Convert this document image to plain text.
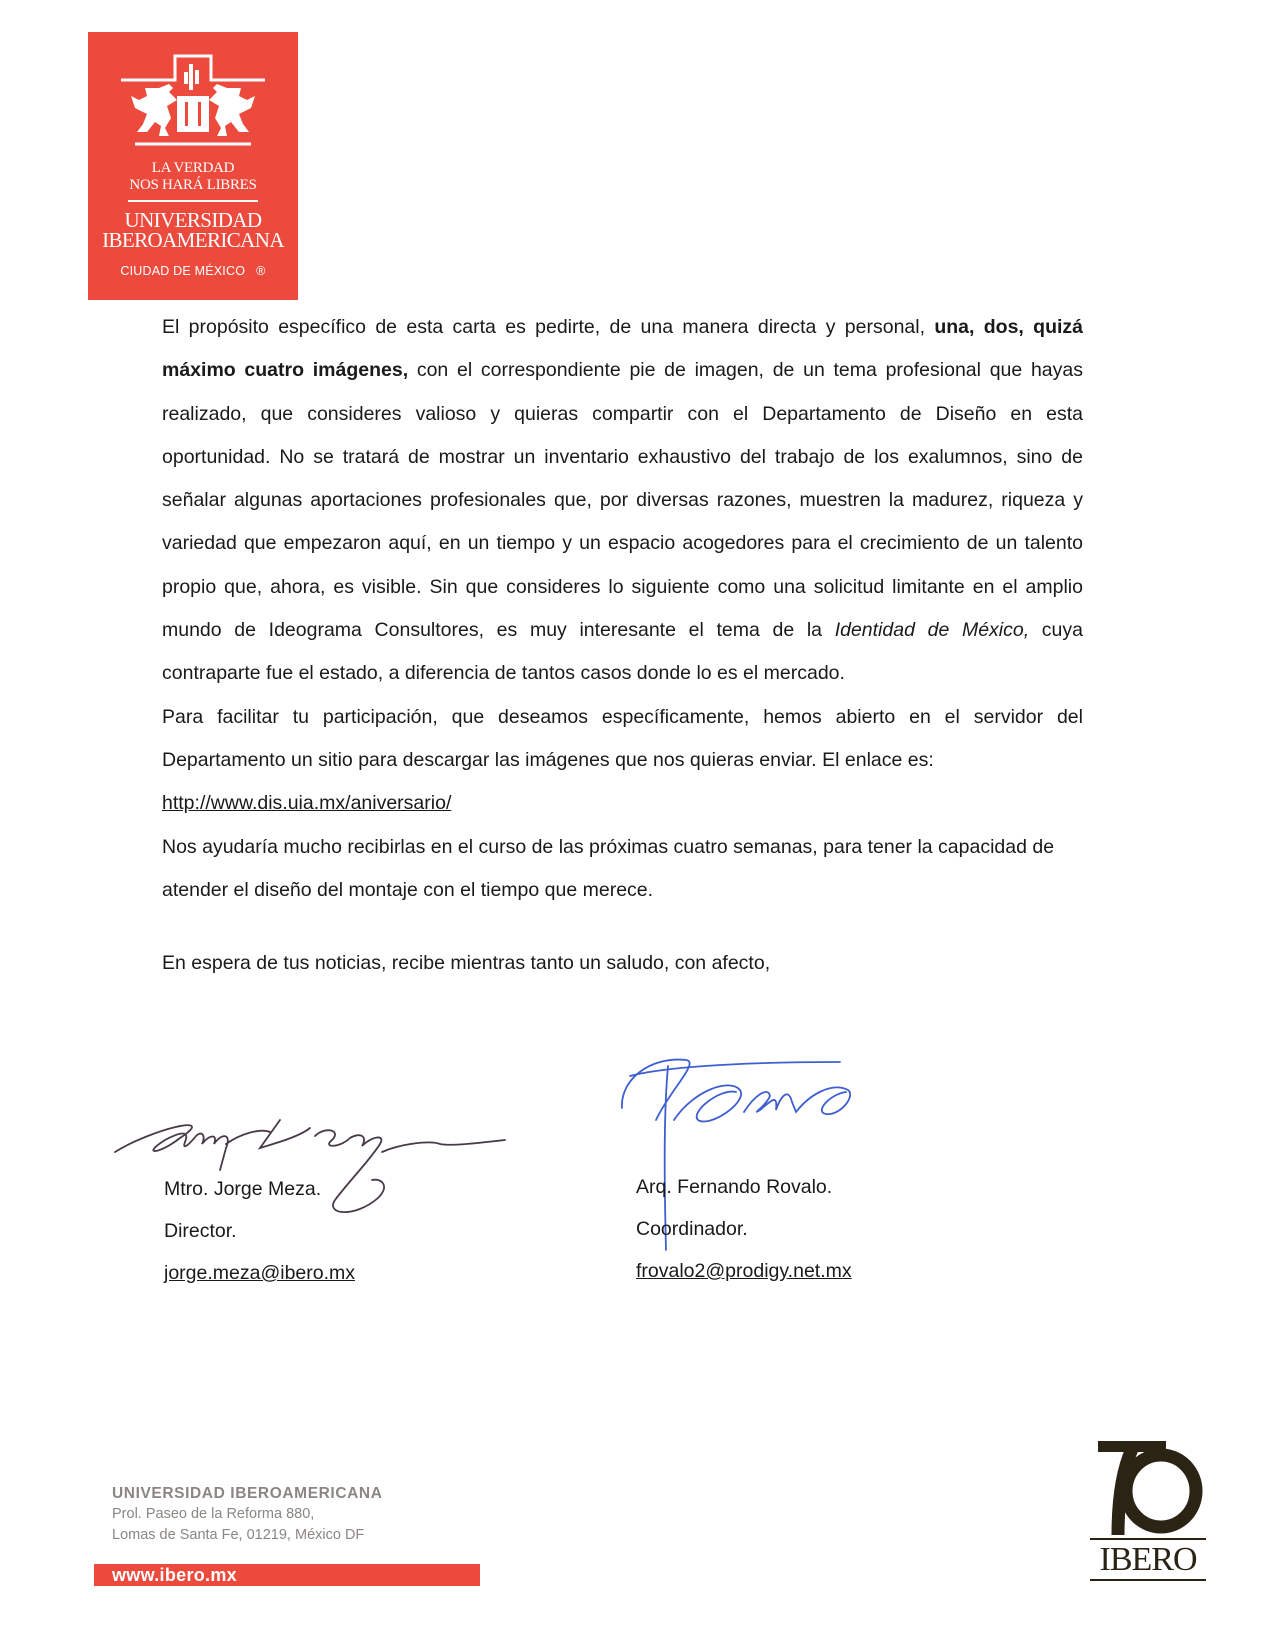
LA VERDAD
NOS HARÁ LIBRES
UNIVERSIDAD
IBEROAMERICANA
CIUDAD DE MÉXICO ®

El propósito específico de esta carta es pedirte, de una manera directa y personal, una, dos, quizá máximo cuatro imágenes, con el correspondiente pie de imagen, de un tema profesional que hayas realizado, que consideres valioso y quieras compartir con el Departamento de Diseño en esta oportunidad. No se tratará de mostrar un inventario exhaustivo del trabajo de los exalumnos, sino de señalar algunas aportaciones profesionales que, por diversas razones, muestren la madurez, riqueza y variedad que empezaron aquí, en un tiempo y un espacio acogedores para el crecimiento de un talento propio que, ahora, es visible. Sin que consideres lo siguiente como una solicitud limitante en el amplio mundo de Ideograma Consultores, es muy interesante el tema de la Identidad de México, cuya contraparte fue el estado, a diferencia de tantos casos donde lo es el mercado.

Para facilitar tu participación, que deseamos específicamente, hemos abierto en el servidor del Departamento un sitio para descargar las imágenes que nos quieras enviar. El enlace es:
http://www.dis.uia.mx/aniversario/

Nos ayudaría mucho recibirlas en el curso de las próximas cuatro semanas, para tener la capacidad de atender el diseño del montaje con el tiempo que merece.

En espera de tus noticias, recibe mientras tanto un saludo, con afecto,
Mtro. Jorge Meza.
Director.
jorge.meza@ibero.mx
Arq. Fernando Rovalo.
Coordinador.
frovalo2@prodigy.net.mx
UNIVERSIDAD IBEROAMERICANA
Prol. Paseo de la Reforma 880,
Lomas de Santa Fe, 01219, México DF
www.ibero.mx	IBERO
